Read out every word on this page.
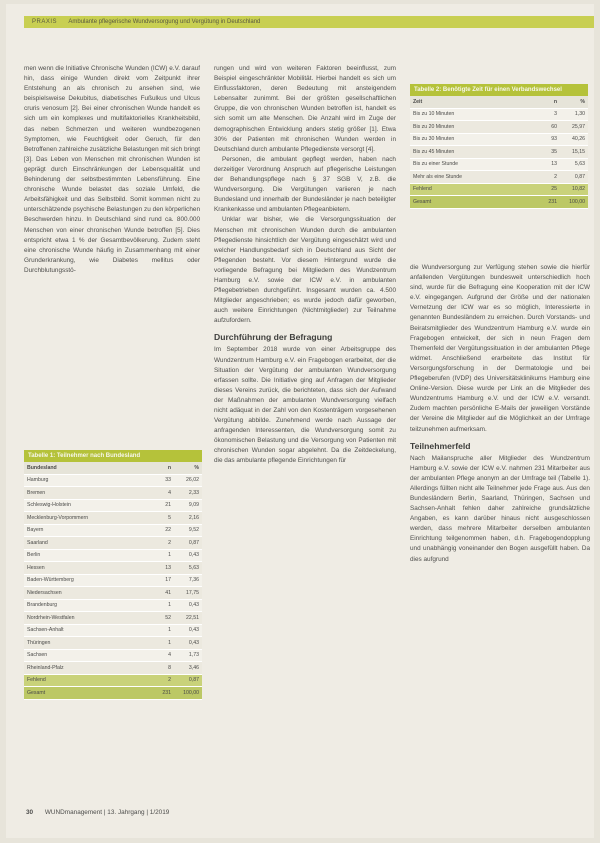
PRAXIS Ambulante pflegerische Wundversorgung und Vergütung in Deutschland

men wenn die Initiative Chronische Wunden (ICW) e.V. darauf hin, dass einige Wunden direkt vom Zeitpunkt ihrer Entstehung an als chronisch zu ansehen sind, wie beispielsweise Dekubitus, diabetisches Fußulkus und Ulcus cruris venosum [2]. Bei einer chronischen Wunde handelt es sich um ein komplexes und multifaktorielles Krankheitsbild, das neben Schmerzen und weiteren wundbezogenen Symptomen, wie Feuchtigkeit oder Geruch, für den Betroffenen zahlreiche zusätzliche Belastungen mit sich bringt [3]. Das Leben von Menschen mit chronischen Wunden ist geprägt durch Einschränkungen der Lebensqualität und Behinderung der selbstbestimmten Lebensführung. Eine chronische Wunde belastet das soziale Umfeld, die Arbeitsfähigkeit und das Selbstbild. Somit kommen nicht zu unterschätzende psychische Belastungen zu den körperlichen Beschwerden hinzu. In Deutschland sind rund ca. 800.000 Menschen von einer chronischen Wunde betroffen [5]. Dies entspricht etwa 1 % der Gesamtbevölkerung. Zudem steht eine chronische Wunde häufig in Zusammenhang mit einer Grunderkrankung, wie Diabetes mellitus oder Durchblutungsstö-

Tabelle 1: Teilnehmer nach Bundesland
Bundesland	n	%
Hamburg	33	26,02
Bremen	4	2,33
Schleswig-Holstein	21	9,09
Mecklenburg-Vorpommern	5	2,16
Bayern	22	9,52
Saarland	2	0,87
Berlin	1	0,43
Hessen	13	5,63
Baden-Württemberg	17	7,36
Niedersachsen	41	17,75
Brandenburg	1	0,43
Nordrhein-Westfalen	52	22,51
Sachsen-Anhalt	1	0,43
Thüringen	1	0,43
Sachsen	4	1,73
Rheinland-Pfalz	8	3,46
Fehlend	2	0,87
Gesamt	231	100,00

rungen und wird von weiteren Faktoren beeinflusst, zum Beispiel eingeschränkter Mobilität. Hierbei handelt es sich um Einflussfaktoren, deren Bedeutung mit ansteigendem Lebensalter zunimmt. Bei der größten gesellschaftlichen Gruppe, die von chronischen Wunden betroffen ist, handelt es sich somit um alte Menschen. Die Anzahl wird im Zuge der demographischen Entwicklung anders stetig größer [1]. Etwa 30% der Patienten mit chronischen Wunden werden in Deutschland durch ambulante Pflegedienste versorgt [4].

Personen, die ambulant gepflegt werden, haben nach derzeitiger Verordnung Anspruch auf pflegerische Leistungen der Behandlungspflege nach § 37 SGB V, z.B. die Wundversorgung. Die Vergütungen variieren je nach Bundesland und innerhalb der Bundesländer je nach beteiligter Krankenkasse und ambulanten Pflegeanbietern.

Unklar war bisher, wie die Versorgungssituation der Menschen mit chronischen Wunden durch die ambulanten Pflegedienste hinsichtlich der Vergütung eingeschätzt wird und welcher Handlungsbedarf sich in Deutschland aus Sicht der Pflegenden besteht. Vor diesem Hintergrund wurde die vorliegende Befragung bei Mitgliedern des Wundzentrum Hamburg e.V. sowie der ICW e.V. in ambulanten Pflegebetrieben durchgeführt. Insgesamt wurden ca. 4.500 Mitglieder angeschrieben; es wurde jedoch dafür geworben, auch weitere Einrichtungen (Nichtmitglieder) zur Teilnahme aufzufordern.

Durchführung der Befragung

Im September 2018 wurde von einer Arbeitsgruppe des Wundzentrum Hamburg e.V. ein Fragebogen erarbeitet, der die Situation der Vergütung der ambulanten Wundversorgung erfassen sollte. Die Initiative ging auf Anfragen der Mitglieder dieses Vereins zurück, die berichteten, dass sich der Aufwand der Maßnahmen der ambulanten Wundversorgung vielfach nicht adäquat in der Zahl von den Kostenträgern vorgesehenen Vergütung abbilde. Zunehmend werde nach Aussage der anfragenden Interessenten, die Wundversorgung somit zu ökonomischen Belastung und die Versorgung von Patienten mit chronischen Wunden sogar abgelehnt. Da die Zeitdeckelung, die das ambulante pflegende Einrichtungen für

Tabelle 2: Benötigte Zeit für einen Verbandswechsel
Zeit	n	%
Bis zu 10 Minuten	3	1,30
Bis zu 20 Minuten	60	25,97
Bis zu 30 Minuten	93	40,26
Bis zu 45 Minuten	35	15,15
Bis zu einer Stunde	13	5,63
Mehr als eine Stunde	2	0,87
Fehlend	25	10,82
Gesamt	231	100,00

die Wundversorgung zur Verfügung stehen sowie die hierfür anfallenden Vergütungen bundesweit unterschiedlich hoch sind, wurde für die Befragung eine Kooperation mit der ICW e.V. eingegangen. Aufgrund der Größe und der nationalen Vernetzung der ICW war es so möglich, Interessierte in genannten Bundesländern zu erreichen. Durch Vorstands- und Beiratsmitglieder des Wundzentrum Hamburg e.V. wurde ein Fragebogen entwickelt, der sich in neun Fragen dem Themenfeld der Vergütungssituation in der ambulanten Pflege widmet. Anschließend erarbeitete das Institut für Versorgungsforschung in der Dermatologie und bei Pflegeberufen (IVDP) des Universitätsklinikums Hamburg eine Online-Version. Diese wurde per Link an die Mitglieder des Wundzentrums Hamburg e.V. und der ICW e.V. versandt. Zudem machten persönliche E-Mails der jeweiligen Vorstände der Vereine die Mitglieder auf die Möglichkeit an der Umfrage teilzunehmen aufmerksam.

Teilnehmerfeld

Nach Mailanspruche aller Mitglieder des Wundzentrum Hamburg e.V. sowie der ICW e.V. nahmen 231 Mitarbeiter aus der ambulanten Pflege anonym an der Umfrage teil (Tabelle 1). Allerdings füllten nicht alle Teilnehmer jede Frage aus. Aus den Bundesländern Berlin, Saarland, Thüringen, Sachsen und Sachsen-Anhalt fehlen daher zahlreiche grundsätzliche Angaben, es kann darüber hinaus nicht ausgeschlossen werden, dass mehrere Mitarbeiter derselben ambulanten Einrichtung teilgenommen haben, d.h. Fragebogendopplung und unabhängig voneinander den Bogen ausgefüllt haben. Da dies aufgrund

30 WUNDmanagement | 13. Jahrgang | 1/2019
